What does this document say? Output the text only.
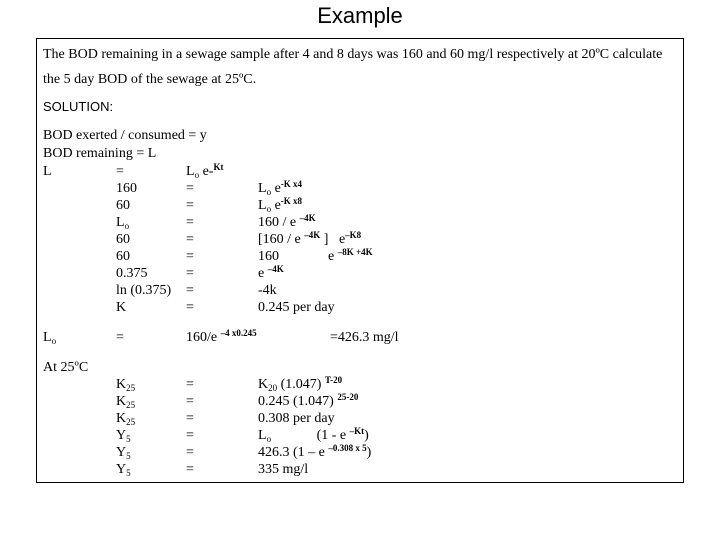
Example
The BOD remaining in a sewage sample after 4 and 8 days was 160 and 60 mg/l respectively at 20ºC calculate
the 5 day BOD of the sewage at 25ºC.
SOLUTION:
BOD exerted / consumed = y
BOD remaining = L
L	=	$L_o$ e-$^{Kt}$
160	=	$L_o$ $e^{-K x4}$
60	=	$L_o$ $e^{-K x8}$
$L_o$	=	160 / e $^{-4K}$
60	=	[160 / e $^{-4K}$ ]   $e^{-K8}$
60	=	160              e $^{-8K +4K}$
0.375	=	e $^{-4K}$
ln (0.375) =	-4k
K	=	0.245 per day
$L_o$	=	160/e $^{-4 x0.245}$	=426.3 mg/l
At 25ºC
$K_{25}$	=	$K_{20}$ (1.047) $^{T-20}$
$K_{25}$	=	0.245 (1.047) $^{25-20}$
$K_{25}$	=	0.308 per day
$Y_5$	=	$L_o$             (1 - e $^{-Kt}$)
$Y_5$	=	426.3 (1 – e $^{-0.308 x 5}$)
$Y_5$	=	335 mg/l
